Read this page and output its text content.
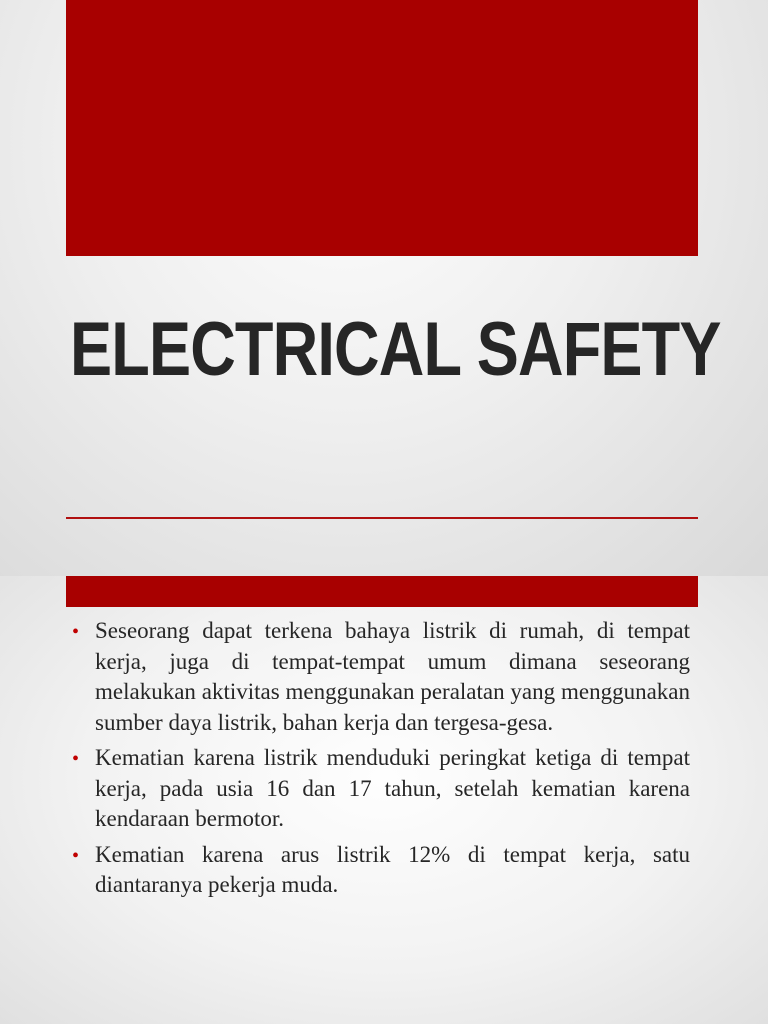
ELECTRICAL SAFETY
• Seseorang dapat terkena bahaya listrik di rumah, di tempat kerja, juga di tempat-tempat umum dimana seseorang melakukan aktivitas menggunakan peralatan yang menggunakan sumber daya listrik, bahan kerja dan tergesa-gesa.
• Kematian karena listrik menduduki peringkat ketiga di tempat kerja, pada usia 16 dan 17 tahun, setelah kematian karena kendaraan bermotor.
• Kematian karena arus listrik 12% di tempat kerja, satu diantaranya pekerja muda.
